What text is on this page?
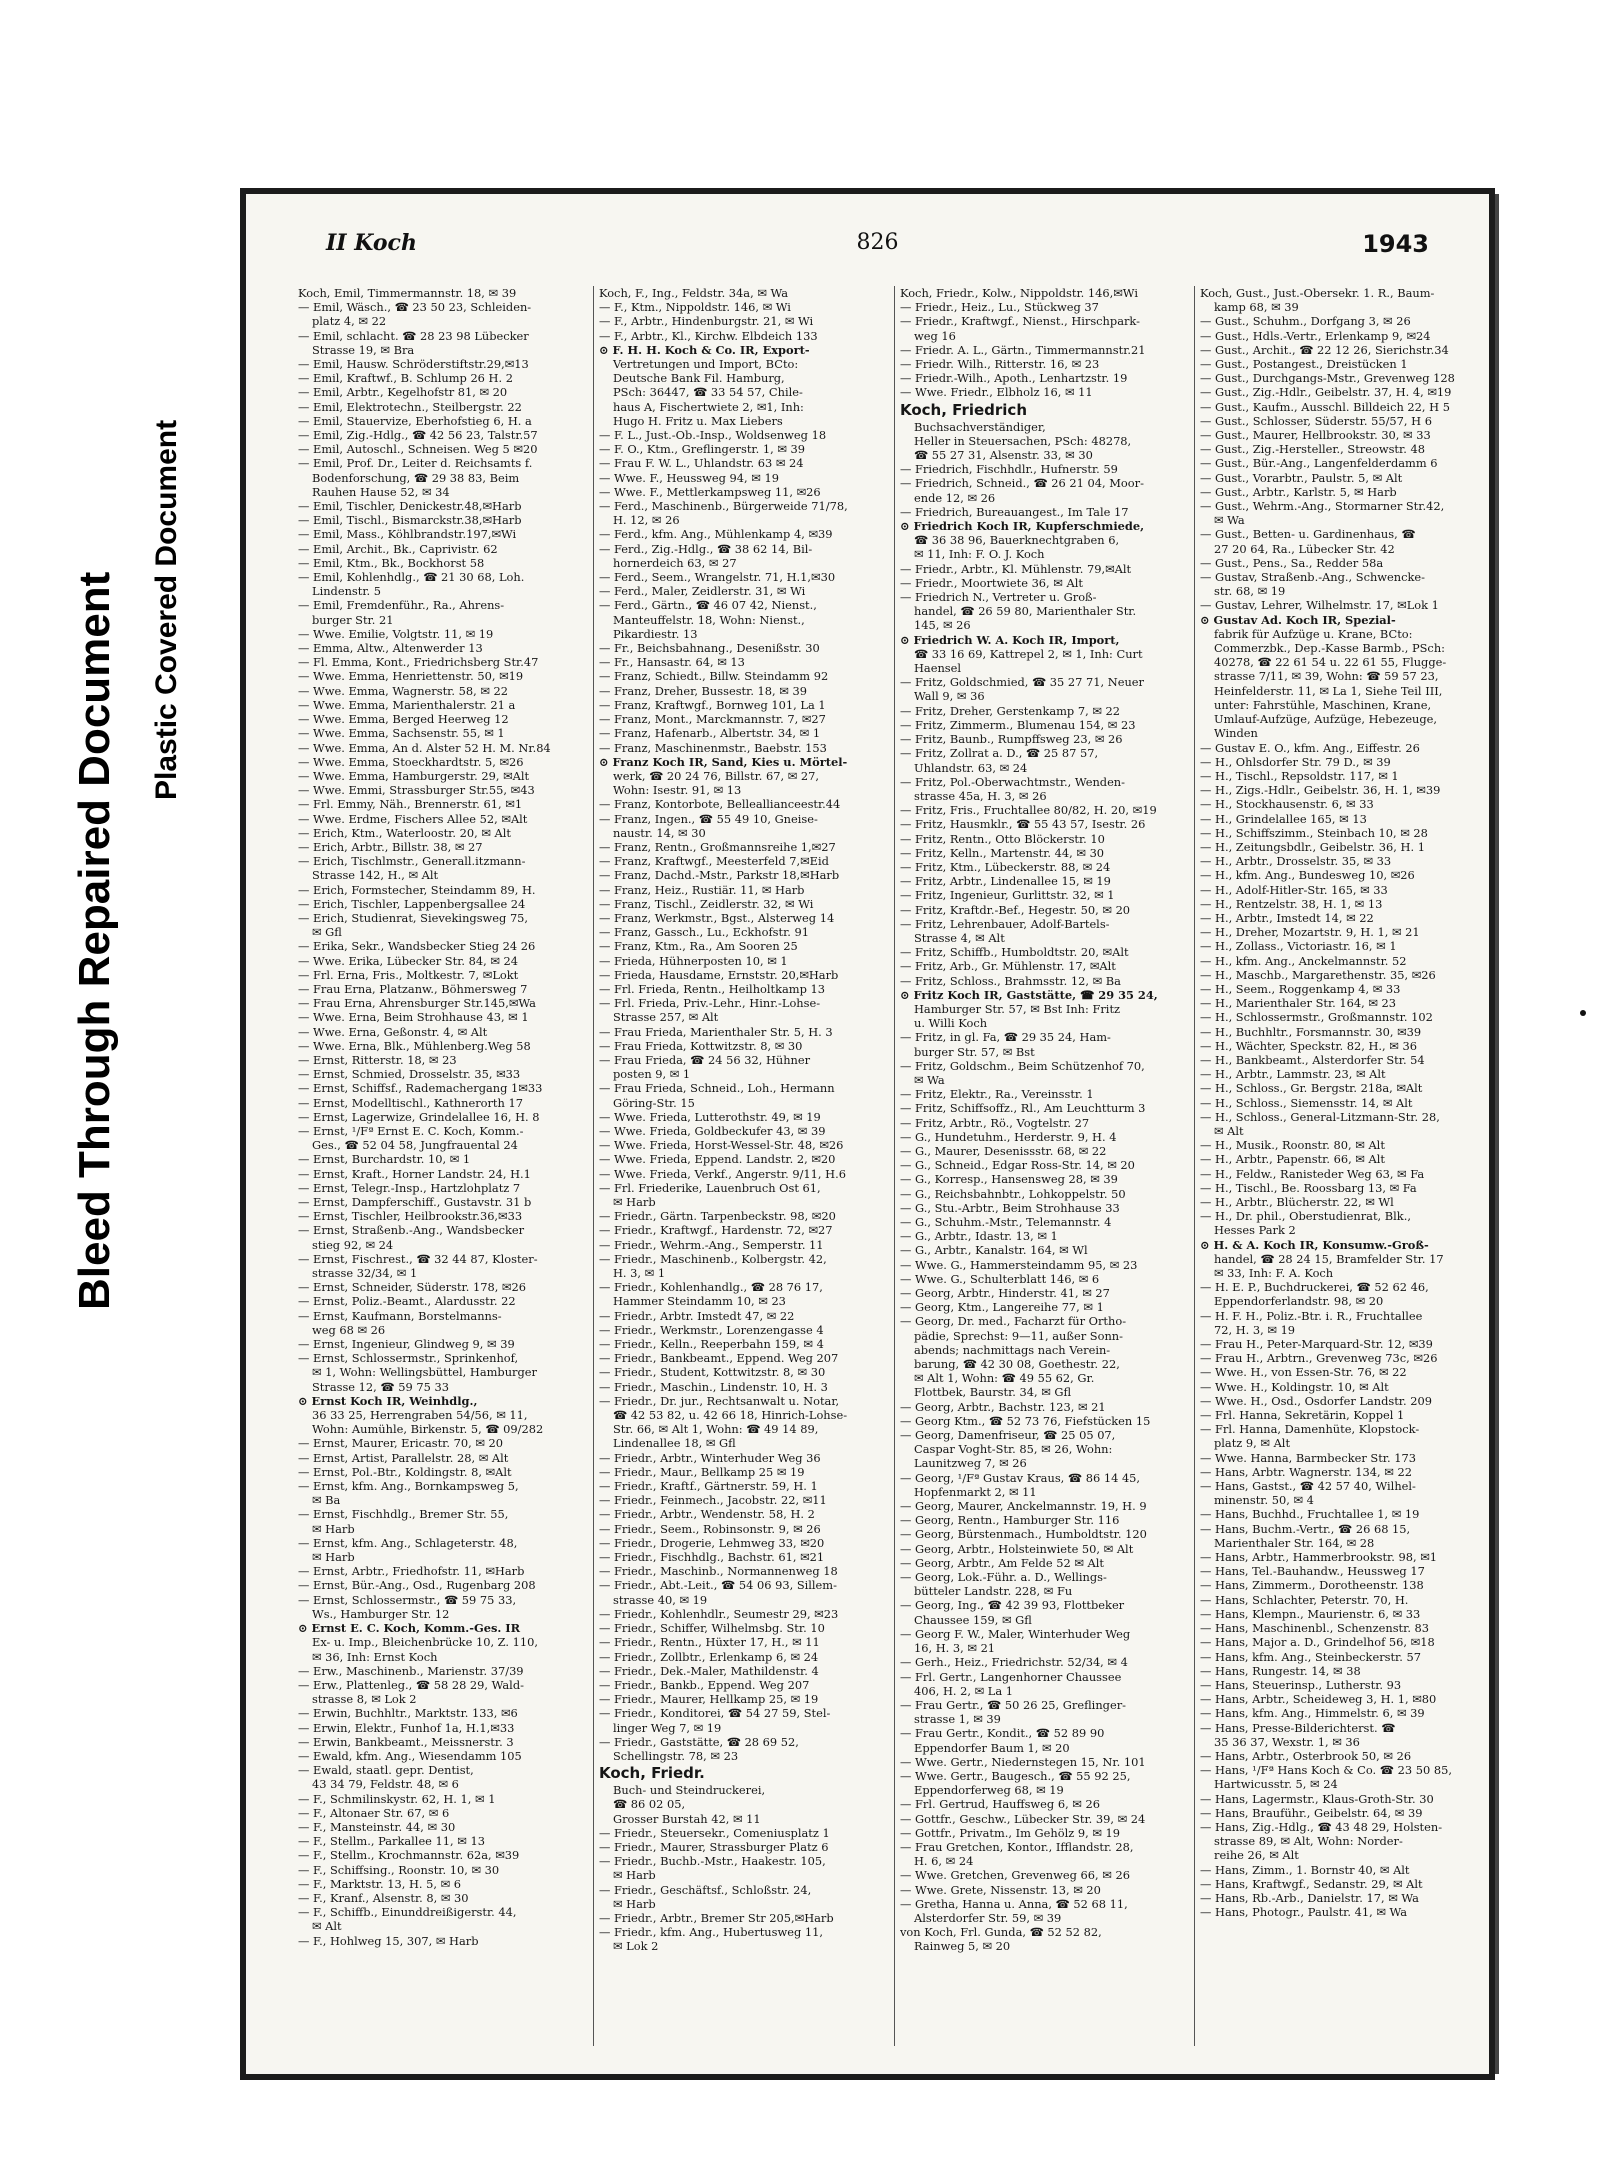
Bleed Through Repaired Document Plastic Covered Document
II Koch	826	1943

Koch, Emil, Timmermannstr. 18, ✉ 39

— Emil, Wäsch., ☎ 23 50 23, Schleiden-

platz 4, ✉ 22

— Emil, schlacht. ☎ 28 23 98 Lübecker

Strasse 19, ✉ Bra

— Emil, Hausw. Schröderstiftstr.29,✉13

— Emil, Kraftwf., B. Schlump 26 H. 2

— Emil, Arbtr., Kegelhofstr 81, ✉ 20

— Emil, Elektrotechn., Steilbergstr. 22

— Emil, Stauervize, Eberhofstieg 6, H. a

— Emil, Zig.-Hdlg., ☎ 42 56 23, Talstr.57

— Emil, Autoschl., Schneisen. Weg 5 ✉20

— Emil, Prof. Dr., Leiter d. Reichsamts f.

Bodenforschung, ☎ 29 38 83, Beim

Rauhen Hause 52, ✉ 34

— Emil, Tischler, Denickestr.48,✉Harb

— Emil, Tischl., Bismarckstr.38,✉Harb

— Emil, Mass., Köhlbrandstr.197,✉Wi

— Emil, Archit., Bk., Caprivistr. 62

— Emil, Ktm., Bk., Bockhorst 58

— Emil, Kohlenhdlg., ☎ 21 30 68, Loh.

Lindenstr. 5

— Emil, Fremdenführ., Ra., Ahrens-

burger Str. 21

— Wwe. Emilie, Volgtstr. 11, ✉ 19

— Emma, Altw., Altenwerder 13

— Fl. Emma, Kont., Friedrichsberg Str.47

— Wwe. Emma, Henriettenstr. 50, ✉19

— Wwe. Emma, Wagnerstr. 58, ✉ 22

— Wwe. Emma, Marienthalerstr. 21 a

— Wwe. Emma, Berged Heerweg 12

— Wwe. Emma, Sachsenstr. 55, ✉ 1

— Wwe. Emma, An d. Alster 52 H. M. Nr.84

— Wwe. Emma, Stoeckhardtstr. 5, ✉26

— Wwe. Emma, Hamburgerstr. 29, ✉Alt

— Wwe. Emmi, Strassburger Str.55, ✉43

— Frl. Emmy, Näh., Brennerstr. 61, ✉1

— Wwe. Erdme, Fischers Allee 52, ✉Alt

— Erich, Ktm., Waterloostr. 20, ✉ Alt

— Erich, Arbtr., Billstr. 38, ✉ 27

— Erich, Tischlmstr., Generall.itzmann-

Strasse 142, H., ✉ Alt

— Erich, Formstecher, Steindamm 89, H.

— Erich, Tischler, Lappenbergsallee 24

— Erich, Studienrat, Sievekingsweg 75,

✉ Gfl

— Erika, Sekr., Wandsbecker Stieg 24 26

— Wwe. Erika, Lübecker Str. 84, ✉ 24

— Frl. Erna, Fris., Moltkestr. 7, ✉Lokt

— Frau Erna, Platzanw., Böhmersweg 7

— Frau Erna, Ahrensburger Str.145,✉Wa

— Wwe. Erna, Beim Strohhause 43, ✉ 1

— Wwe. Erna, Geßonstr. 4, ✉ Alt

— Wwe. Erna, Blk., Mühlenberg.Weg 58

— Ernst, Ritterstr. 18, ✉ 23

— Ernst, Schmied, Drosselstr. 35, ✉33

— Ernst, Schiffsf., Rademachergang 1✉33

— Ernst, Modelltischl., Kathnerorth 17

— Ernst, Lagerwize, Grindelallee 16, H. 8

— Ernst, ¹/Fª Ernst E. C. Koch, Komm.-

Ges., ☎ 52 04 58, Jungfrauental 24

— Ernst, Burchardstr. 10, ✉ 1

— Ernst, Kraft., Horner Landstr. 24, H.1

— Ernst, Telegr.-Insp., Hartzlohplatz 7

— Ernst, Dampferschiff., Gustavstr. 31 b

— Ernst, Tischler, Heilbrookstr.36,✉33

— Ernst, Straßenb.-Ang., Wandsbecker

stieg 92, ✉ 24

— Ernst, Fischrest., ☎ 32 44 87, Kloster-

strasse 32/34, ✉ 1

— Ernst, Schneider, Süderstr. 178, ✉26

— Ernst, Poliz.-Beamt., Alardusstr. 22

— Ernst, Kaufmann, Borstelmanns-

weg 68 ✉ 26

— Ernst, Ingenieur, Glindweg 9, ✉ 39

— Ernst, Schlossermstr., Sprinkenhof,

✉ 1, Wohn: Wellingsbüttel, Hamburger

Strasse 12, ☎ 59 75 33

⊙ Ernst Koch IR, Weinhdlg.,

36 33 25, Herrengraben 54/56, ✉ 11,

Wohn: Aumühle, Birkenstr. 5, ☎ 09/282

— Ernst, Maurer, Ericastr. 70, ✉ 20

— Ernst, Artist, Parallelstr. 28, ✉ Alt

— Ernst, Pol.-Btr., Koldingstr. 8, ✉Alt

— Ernst, kfm. Ang., Bornkampsweg 5,

✉ Ba

— Ernst, Fischhdlg., Bremer Str. 55,

✉ Harb

— Ernst, kfm. Ang., Schlageterstr. 48,

✉ Harb

— Ernst, Arbtr., Friedhofstr. 11, ✉Harb

— Ernst, Bür.-Ang., Osd., Rugenbarg 208

— Ernst, Schlossermstr., ☎ 59 75 33,

Ws., Hamburger Str. 12

⊙ Ernst E. C. Koch, Komm.-Ges. IR

Ex- u. Imp., Bleichenbrücke 10, Z. 110,

✉ 36, Inh: Ernst Koch

— Erw., Maschinenb., Marienstr. 37/39

— Erw., Plattenleg., ☎ 58 28 29, Wald-

strasse 8, ✉ Lok 2

— Erwin, Buchhltr., Marktstr. 133, ✉6

— Erwin, Elektr., Funhof 1a, H.1,✉33

— Erwin, Bankbeamt., Meissnerstr. 3

— Ewald, kfm. Ang., Wiesendamm 105

— Ewald, staatl. gepr. Dentist,

43 34 79, Feldstr. 48, ✉ 6

— F., Schmilinskystr. 62, H. 1, ✉ 1

— F., Altonaer Str. 67, ✉ 6

— F., Mansteinstr. 44, ✉ 30

— F., Stellm., Parkallee 11, ✉ 13

— F., Stellm., Krochmannstr. 62a, ✉39

— F., Schiffsing., Roonstr. 10, ✉ 30

— F., Marktstr. 13, H. 5, ✉ 6

— F., Kranf., Alsenstr. 8, ✉ 30

— F., Schiffb., Einunddreißigerstr. 44,

✉ Alt

— F., Hohlweg 15, 307, ✉ Harb

Koch, F., Ing., Feldstr. 34a, ✉ Wa

— F., Ktm., Nippoldstr. 146, ✉ Wi

— F., Arbtr., Hindenburgstr. 21, ✉ Wi

— F., Arbtr., Kl., Kirchw. Elbdeich 133

⊙ F. H. H. Koch & Co. IR, Export-

Vertretungen und Import, BCto:

Deutsche Bank Fil. Hamburg,

PSch: 36447, ☎ 33 54 57, Chile-

haus A, Fischertwiete 2, ✉1, Inh:

Hugo H. Fritz u. Max Liebers

— F. L., Just.-Ob.-Insp., Woldsenweg 18

— F. O., Ktm., Greflingerstr. 1, ✉ 39

— Frau F. W. L., Uhlandstr. 63 ✉ 24

— Wwe. F., Heussweg 94, ✉ 19

— Wwe. F., Mettlerkampsweg 11, ✉26

— Ferd., Maschinenb., Bürgerweide 71/78,

H. 12, ✉ 26

— Ferd., kfm. Ang., Mühlenkamp 4, ✉39

— Ferd., Zig.-Hdlg., ☎ 38 62 14, Bil-

hornerdeich 63, ✉ 27

— Ferd., Seem., Wrangelstr. 71, H.1,✉30

— Ferd., Maler, Zeidlerstr. 31, ✉ Wi

— Ferd., Gärtn., ☎ 46 07 42, Nienst.,

Manteuffelstr. 18, Wohn: Nienst.,

Pikardiestr. 13

— Fr., Beichsbahnang., Desenißstr. 30

— Fr., Hansastr. 64, ✉ 13

— Franz, Schiedt., Billw. Steindamm 92

— Franz, Dreher, Bussestr. 18, ✉ 39

— Franz, Kraftwgf., Bornweg 101, La 1

— Franz, Mont., Marckmannstr. 7, ✉27

— Franz, Hafenarb., Albertstr. 34, ✉ 1

— Franz, Maschinenmstr., Baebstr. 153

⊙ Franz Koch IR, Sand, Kies u. Mörtel-

werk, ☎ 20 24 76, Billstr. 67, ✉ 27,

Wohn: Isestr. 91, ✉ 13

— Franz, Kontorbote, Belleallianceestr.44

— Franz, Ingen., ☎ 55 49 10, Gneise-

naustr. 14, ✉ 30

— Franz, Rentn., Großmannsreihe 1,✉27

— Franz, Kraftwgf., Meesterfeld 7,✉Eid

— Franz, Dachd.-Mstr., Parkstr 18,✉Harb

— Franz, Heiz., Rustiär. 11, ✉ Harb

— Franz, Tischl., Zeidlerstr. 32, ✉ Wi

— Franz, Werkmstr., Bgst., Alsterweg 14

— Franz, Gassch., Lu., Eckhofstr. 91

— Franz, Ktm., Ra., Am Sooren 25

— Frieda, Hühnerposten 10, ✉ 1

— Frieda, Hausdame, Ernststr. 20,✉Harb

— Frl. Frieda, Rentn., Heilholtkamp 13

— Frl. Frieda, Priv.-Lehr., Hinr.-Lohse-

Strasse 257, ✉ Alt

— Frau Frieda, Marienthaler Str. 5, H. 3

— Frau Frieda, Kottwitzstr. 8, ✉ 30

— Frau Frieda, ☎ 24 56 32, Hühner

posten 9, ✉ 1

— Frau Frieda, Schneid., Loh., Hermann

Göring-Str. 15

— Wwe. Frieda, Lutterothstr. 49, ✉ 19

— Wwe. Frieda, Goldbeckufer 43, ✉ 39

— Wwe. Frieda, Horst-Wessel-Str. 48, ✉26

— Wwe. Frieda, Eppend. Landstr. 2, ✉20

— Wwe. Frieda, Verkf., Angerstr. 9/11, H.6

— Frl. Friederike, Lauenbruch Ost 61,

✉ Harb

— Friedr., Gärtn. Tarpenbeckstr. 98, ✉20

— Friedr., Kraftwgf., Hardenstr. 72, ✉27

— Friedr., Wehrm.-Ang., Semperstr. 11

— Friedr., Maschinenb., Kolbergstr. 42,

H. 3, ✉ 1

— Friedr., Kohlenhandlg., ☎ 28 76 17,

Hammer Steindamm 10, ✉ 23

— Friedr., Arbtr. Imstedt 47, ✉ 22

— Friedr., Werkmstr., Lorenzengasse 4

— Friedr., Kelln., Reeperbahn 159, ✉ 4

— Friedr., Bankbeamt., Eppend. Weg 207

— Friedr., Student, Kottwitzstr. 8, ✉ 30

— Friedr., Maschin., Lindenstr. 10, H. 3

— Friedr., Dr. jur., Rechtsanwalt u. Notar,

☎ 42 53 82, u. 42 66 18, Hinrich-Lohse-

Str. 66, ✉ Alt 1, Wohn: ☎ 49 14 89,

Lindenallee 18, ✉ Gfl

— Friedr., Arbtr., Winterhuder Weg 36

— Friedr., Maur., Bellkamp 25 ✉ 19

— Friedr., Kraftf., Gärtnerstr. 59, H. 1

— Friedr., Feinmech., Jacobstr. 22, ✉11

— Friedr., Arbtr., Wendenstr. 58, H. 2

— Friedr., Seem., Robinsonstr. 9, ✉ 26

— Friedr., Drogerie, Lehmweg 33, ✉20

— Friedr., Fischhdlg., Bachstr. 61, ✉21

— Friedr., Maschinb., Normannenweg 18

— Friedr., Abt.-Leit., ☎ 54 06 93, Sillem-

strasse 40, ✉ 19

— Friedr., Kohlenhdlr., Seumestr 29, ✉23

— Friedr., Schiffer, Wilhelmsbg. Str. 10

— Friedr., Rentn., Hüxter 17, H., ✉ 11

— Friedr., Zollbtr., Erlenkamp 6, ✉ 24

— Friedr., Dek.-Maler, Mathildenstr. 4

— Friedr., Bankb., Eppend. Weg 207

— Friedr., Maurer, Hellkamp 25, ✉ 19

— Friedr., Konditorei, ☎ 54 27 59, Stel-

linger Weg 7, ✉ 19

— Friedr., Gaststätte, ☎ 28 69 52,

Schellingstr. 78, ✉ 23

Koch, Friedr.

Buch- und Steindruckerei,

☎ 86 02 05,

Grosser Burstah 42, ✉ 11

— Friedr., Steuersekr., Comeniusplatz 1

— Friedr., Maurer, Strassburger Platz 6

— Friedr., Buchb.-Mstr., Haakestr. 105,

✉ Harb

— Friedr., Geschäftsf., Schloßstr. 24,

✉ Harb

— Friedr., Arbtr., Bremer Str 205,✉Harb

— Friedr., kfm. Ang., Hubertusweg 11,

✉ Lok 2

Koch, Friedr., Kolw., Nippoldstr. 146,✉Wi

— Friedr., Heiz., Lu., Stückweg 37

— Friedr., Kraftwgf., Nienst., Hirschpark-

weg 16

— Friedr. A. L., Gärtn., Timmermannstr.21

— Friedr. Wilh., Ritterstr. 16, ✉ 23

— Friedr.-Wilh., Apoth., Lenhartzstr. 19

— Wwe. Friedr., Elbholz 16, ✉ 11

Koch, Friedrich

Buchsachverständiger,

Heller in Steuersachen, PSch: 48278,

☎ 55 27 31, Alsenstr. 33, ✉ 30

— Friedrich, Fischhdlr., Hufnerstr. 59

— Friedrich, Schneid., ☎ 26 21 04, Moor-

ende 12, ✉ 26

— Friedrich, Bureauangest., Im Tale 17

⊙ Friedrich Koch IR, Kupferschmiede,

☎ 36 38 96, Bauerknechtgraben 6,

✉ 11, Inh: F. O. J. Koch

— Friedr., Arbtr., Kl. Mühlenstr. 79,✉Alt

— Friedr., Moortwiete 36, ✉ Alt

— Friedrich N., Vertreter u. Groß-

handel, ☎ 26 59 80, Marienthaler Str.

145, ✉ 26

⊙ Friedrich W. A. Koch IR, Import,

☎ 33 16 69, Kattrepel 2, ✉ 1, Inh: Curt

Haensel

— Fritz, Goldschmied, ☎ 35 27 71, Neuer

Wall 9, ✉ 36

— Fritz, Dreher, Gerstenkamp 7, ✉ 22

— Fritz, Zimmerm., Blumenau 154, ✉ 23

— Fritz, Baunb., Rumpffsweg 23, ✉ 26

— Fritz, Zollrat a. D., ☎ 25 87 57,

Uhlandstr. 63, ✉ 24

— Fritz, Pol.-Oberwachtmstr., Wenden-

strasse 45a, H. 3, ✉ 26

— Fritz, Fris., Fruchtallee 80/82, H. 20, ✉19

— Fritz, Hausmklr., ☎ 55 43 57, Isestr. 26

— Fritz, Rentn., Otto Blöckerstr. 10

— Fritz, Kelln., Martenstr. 44, ✉ 30

— Fritz, Ktm., Lübeckerstr. 88, ✉ 24

— Fritz, Arbtr., Lindenallee 15, ✉ 19

— Fritz, Ingenieur, Gurlittstr. 32, ✉ 1

— Fritz, Kraftdr.-Bef., Hegestr. 50, ✉ 20

— Fritz, Lehrenbauer, Adolf-Bartels-

Strasse 4, ✉ Alt

— Fritz, Schiffb., Humboldtstr. 20, ✉Alt

— Fritz, Arb., Gr. Mühlenstr. 17, ✉Alt

— Fritz, Schloss., Brahmsstr. 12, ✉ Ba

⊙ Fritz Koch IR, Gaststätte, ☎ 29 35 24,

Hamburger Str. 57, ✉ Bst Inh: Fritz

u. Willi Koch

— Fritz, in gl. Fa, ☎ 29 35 24, Ham-

burger Str. 57, ✉ Bst

— Fritz, Goldschm., Beim Schützenhof 70,

✉ Wa

— Fritz, Elektr., Ra., Vereinsstr. 1

— Fritz, Schiffsoffz., Rl., Am Leuchtturm 3

— Fritz, Arbtr., Rö., Vogtelstr. 27

— G., Hundetuhm., Herderstr. 9, H. 4

— G., Maurer, Desenissstr. 68, ✉ 22

— G., Schneid., Edgar Ross-Str. 14, ✉ 20

— G., Korresp., Hansensweg 28, ✉ 39

— G., Reichsbahnbtr., Lohkoppelstr. 50

— G., Stu.-Arbtr., Beim Strohhause 33

— G., Schuhm.-Mstr., Telemannstr. 4

— G., Arbtr., Idastr. 13, ✉ 1

— G., Arbtr., Kanalstr. 164, ✉ Wl

— Wwe. G., Hammersteindamm 95, ✉ 23

— Wwe. G., Schulterblatt 146, ✉ 6

— Georg, Arbtr., Hinderstr. 41, ✉ 27

— Georg, Ktm., Langereihe 77, ✉ 1

— Georg, Dr. med., Facharzt für Ortho-

pädie, Sprechst: 9—11, außer Sonn-

abends; nachmittags nach Verein-

barung, ☎ 42 30 08, Goethestr. 22,

✉ Alt 1, Wohn: ☎ 49 55 62, Gr.

Flottbek, Baurstr. 34, ✉ Gfl

— Georg, Arbtr., Bachstr. 123, ✉ 21

— Georg Ktm., ☎ 52 73 76, Fiefstücken 15

— Georg, Damenfriseur, ☎ 25 05 07,

Caspar Voght-Str. 85, ✉ 26, Wohn:

Launitzweg 7, ✉ 26

— Georg, ¹/Fª Gustav Kraus, ☎ 86 14 45,

Hopfenmarkt 2, ✉ 11

— Georg, Maurer, Anckelmannstr. 19, H. 9

— Georg, Rentn., Hamburger Str. 116

— Georg, Bürstenmach., Humboldtstr. 120

— Georg, Arbtr., Holsteinwiete 50, ✉ Alt

— Georg, Arbtr., Am Felde 52 ✉ Alt

— Georg, Lok.-Führ. a. D., Wellings-

bütteler Landstr. 228, ✉ Fu

— Georg, Ing., ☎ 42 39 93, Flottbeker

Chaussee 159, ✉ Gfl

— Georg F. W., Maler, Winterhuder Weg

16, H. 3, ✉ 21

— Gerh., Heiz., Friedrichstr. 52/34, ✉ 4

— Frl. Gertr., Langenhorner Chaussee

406, H. 2, ✉ La 1

— Frau Gertr., ☎ 50 26 25, Greflinger-

strasse 1, ✉ 39

— Frau Gertr., Kondit., ☎ 52 89 90

Eppendorfer Baum 1, ✉ 20

— Wwe. Gertr., Niedernstegen 15, Nr. 101

— Wwe. Gertr., Baugesch., ☎ 55 92 25,

Eppendorferweg 68, ✉ 19

— Frl. Gertrud, Hauffsweg 6, ✉ 26

— Gottfr., Geschw., Lübecker Str. 39, ✉ 24

— Gottfr., Privatm., Im Gehölz 9, ✉ 19

— Frau Gretchen, Kontor., Ifflandstr. 28,

H. 6, ✉ 24

— Wwe. Gretchen, Grevenweg 66, ✉ 26

— Wwe. Grete, Nissenstr. 13, ✉ 20

— Gretha, Hanna u. Anna, ☎ 52 68 11,

Alsterdorfer Str. 59, ✉ 39

von Koch, Frl. Gunda, ☎ 52 52 82,

Rainweg 5, ✉ 20

Koch, Gust., Just.-Obersekr. 1. R., Baum-

kamp 68, ✉ 39

— Gust., Schuhm., Dorfgang 3, ✉ 26

— Gust., Hdls.-Vertr., Erlenkamp 9, ✉24

— Gust., Archit., ☎ 22 12 26, Sierichstr.34

— Gust., Postangest., Dreistücken 1

— Gust., Durchgangs-Mstr., Grevenweg 128

— Gust., Zig.-Hdlr., Geibelstr. 37, H. 4, ✉19

— Gust., Kaufm., Ausschl. Billdeich 22, H 5

— Gust., Schlosser, Süderstr. 55/57, H 6

— Gust., Maurer, Hellbrookstr. 30, ✉ 33

— Gust., Zig.-Hersteller., Streowstr. 48

— Gust., Bür.-Ang., Langenfelderdamm 6

— Gust., Vorarbtr., Paulstr. 5, ✉ Alt

— Gust., Arbtr., Karlstr. 5, ✉ Harb

— Gust., Wehrm.-Ang., Stormarner Str.42,

✉ Wa

— Gust., Betten- u. Gardinenhaus, ☎

27 20 64, Ra., Lübecker Str. 42

— Gust., Pens., Sa., Redder 58a

— Gustav, Straßenb.-Ang., Schwencke-

str. 68, ✉ 19

— Gustav, Lehrer, Wilhelmstr. 17, ✉Lok 1

⊙ Gustav Ad. Koch IR, Spezial-

fabrik für Aufzüge u. Krane, BCto:

Commerzbk., Dep.-Kasse Barmb., PSch:

40278, ☎ 22 61 54 u. 22 61 55, Flugge-

strasse 7/11, ✉ 39, Wohn: ☎ 59 57 23,

Heinfelderstr. 11, ✉ La 1, Siehe Teil III,

unter: Fahrstühle, Maschinen, Krane,

Umlauf-Aufzüge, Aufzüge, Hebezeuge,

Winden

— Gustav E. O., kfm. Ang., Eiffestr. 26

— H., Ohlsdorfer Str. 79 D., ✉ 39

— H., Tischl., Repsoldstr. 117, ✉ 1

— H., Zigs.-Hdlr., Geibelstr. 36, H. 1, ✉39

— H., Stockhausenstr. 6, ✉ 33

— H., Grindelallee 165, ✉ 13

— H., Schiffszimm., Steinbach 10, ✉ 28

— H., Zeitungsbdlr., Geibelstr. 36, H. 1

— H., Arbtr., Drosselstr. 35, ✉ 33

— H., kfm. Ang., Bundesweg 10, ✉26

— H., Adolf-Hitler-Str. 165, ✉ 33

— H., Rentzelstr. 38, H. 1, ✉ 13

— H., Arbtr., Imstedt 14, ✉ 22

— H., Dreher, Mozartstr. 9, H. 1, ✉ 21

— H., Zollass., Victoriastr. 16, ✉ 1

— H., kfm. Ang., Anckelmannstr. 52

— H., Maschb., Margarethenstr. 35, ✉26

— H., Seem., Roggenkamp 4, ✉ 33

— H., Marienthaler Str. 164, ✉ 23

— H., Schlossermstr., Großmannstr. 102

— H., Buchhltr., Forsmannstr. 30, ✉39

— H., Wächter, Speckstr. 82, H., ✉ 36

— H., Bankbeamt., Alsterdorfer Str. 54

— H., Arbtr., Lammstr. 23, ✉ Alt

— H., Schloss., Gr. Bergstr. 218a, ✉Alt

— H., Schloss., Siemensstr. 14, ✉ Alt

— H., Schloss., General-Litzmann-Str. 28,

✉ Alt

— H., Musik., Roonstr. 80, ✉ Alt

— H., Arbtr., Papenstr. 66, ✉ Alt

— H., Feldw., Ranisteder Weg 63, ✉ Fa

— H., Tischl., Be. Roossbarg 13, ✉ Fa

— H., Arbtr., Blücherstr. 22, ✉ Wl

— H., Dr. phil., Oberstudienrat, Blk.,

Hesses Park 2

⊙ H. & A. Koch IR, Konsumw.-Groß-

handel, ☎ 28 24 15, Bramfelder Str. 17

✉ 33, Inh: F. A. Koch

— H. E. P., Buchdruckerei, ☎ 52 62 46,

Eppendorferlandstr. 98, ✉ 20

— H. F. H., Poliz.-Btr. i. R., Fruchtallee

72, H. 3, ✉ 19

— Frau H., Peter-Marquard-Str. 12, ✉39

— Frau H., Arbtrn., Grevenweg 73c, ✉26

— Wwe. H., von Essen-Str. 76, ✉ 22

— Wwe. H., Koldingstr. 10, ✉ Alt

— Wwe. H., Osd., Osdorfer Landstr. 209

— Frl. Hanna, Sekretärin, Koppel 1

— Frl. Hanna, Damenhüte, Klopstock-

platz 9, ✉ Alt

— Wwe. Hanna, Barmbecker Str. 173

— Hans, Arbtr. Wagnerstr. 134, ✉ 22

— Hans, Gastst., ☎ 42 57 40, Wilhel-

minenstr. 50, ✉ 4

— Hans, Buchhd., Fruchtallee 1, ✉ 19

— Hans, Buchm.-Vertr., ☎ 26 68 15,

Marienthaler Str. 164, ✉ 28

— Hans, Arbtr., Hammerbrookstr. 98, ✉1

— Hans, Tel.-Bauhandw., Heussweg 17

— Hans, Zimmerm., Dorotheenstr. 138

— Hans, Schlachter, Peterstr. 70, H.

— Hans, Klempn., Maurienstr. 6, ✉ 33

— Hans, Maschinenbl., Schenzenstr. 83

— Hans, Major a. D., Grindelhof 56, ✉18

— Hans, kfm. Ang., Steinbeckerstr. 57

— Hans, Rungestr. 14, ✉ 38

— Hans, Steuerinsp., Lutherstr. 93

— Hans, Arbtr., Scheideweg 3, H. 1, ✉80

— Hans, kfm. Ang., Himmelstr. 6, ✉ 39

— Hans, Presse-Bilderichterst. ☎

35 36 37, Wexstr. 1, ✉ 36

— Hans, Arbtr., Osterbrook 50, ✉ 26

— Hans, ¹/Fª Hans Koch & Co. ☎ 23 50 85,

Hartwicusstr. 5, ✉ 24

— Hans, Lagermstr., Klaus-Groth-Str. 30

— Hans, Brauführ., Geibelstr. 64, ✉ 39

— Hans, Zig.-Hdlg., ☎ 43 48 29, Holsten-

strasse 89, ✉ Alt, Wohn: Norder-

reihe 26, ✉ Alt

— Hans, Zimm., 1. Bornstr 40, ✉ Alt

— Hans, Kraftwgf., Sedanstr. 29, ✉ Alt

— Hans, Rb.-Arb., Danielstr. 17, ✉ Wa

— Hans, Photogr., Paulstr. 41, ✉ Wa
